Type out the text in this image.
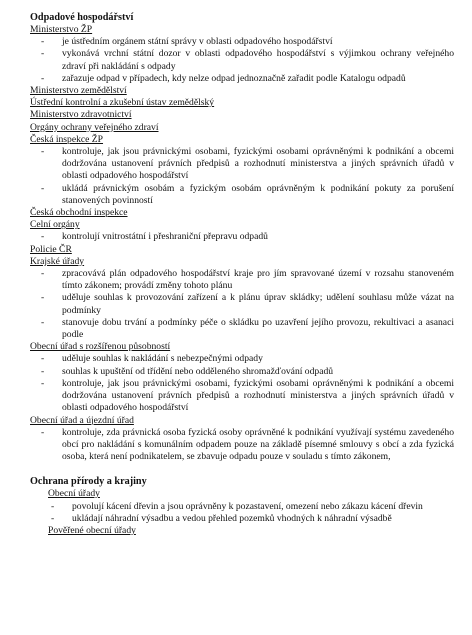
Odpadové hospodářství
Ministerstvo ŽP
- je ústředním orgánem státní správy v oblasti odpadového hospodářství
- vykonává vrchní státní dozor v oblasti odpadového hospodářství s výjimkou ochrany veřejného zdraví při nakládání s odpady
- zařazuje odpad v případech, kdy nelze odpad jednoznačně zařadit podle Katalogu odpadů
Ministerstvo zemědělství
Ústřední kontrolní a zkušební ústav zemědělský
Ministerstvo zdravotnictví
Orgány ochrany veřejného zdraví
Česká inspekce ŽP
- kontroluje, jak jsou právnickými osobami, fyzickými osobami oprávněnými k podnikání a obcemi dodržována ustanovení právních předpisů a rozhodnutí ministerstva a jiných správních úřadů v oblasti odpadového hospodářství
- ukládá právnickým osobám a fyzickým osobám oprávněným k podnikání pokuty za porušení stanovených povinností
Česká obchodní inspekce
Celní orgány
- kontrolují vnitrostátní i přeshraniční přepravu odpadů
Policie ČR
Krajské úřady
- zpracovává plán odpadového hospodářství kraje pro jím spravované území v rozsahu stanoveném tímto zákonem; provádí změny tohoto plánu
- uděluje souhlas k provozování zařízení a k plánu úprav skládky; udělení souhlasu může vázat na podmínky
- stanovuje dobu trvání a podmínky péče o skládku po uzavření jejího provozu, rekultivaci a asanaci podle
Obecní úřad s rozšířenou působností
- uděluje souhlas k nakládání s nebezpečnými odpady
- souhlas k upuštění od třídění nebo odděleného shromažďování odpadů
- kontroluje, jak jsou právnickými osobami, fyzickými osobami oprávněnými k podnikání a obcemi dodržována ustanovení právních předpisů a rozhodnutí ministerstva a jiných správních úřadů v oblasti odpadového hospodářství
Obecní úřad a újezdní úřad
- kontroluje, zda právnická osoba fyzická osoby oprávněné k podnikání využívají systému zavedeného obcí pro nakládání s komunálním odpadem pouze na základě písemné smlouvy s obcí a zda fyzická osoba, která není podnikatelem, se zbavuje odpadu pouze v souladu s tímto zákonem,
Ochrana přírody a krajiny
Obecní úřady
- povolují kácení dřevin a jsou oprávněny k pozastavení, omezení nebo zákazu kácení dřevin
- ukládají náhradní výsadbu a vedou přehled pozemků vhodných k náhradní výsadbě
Pověřené obecní úřady
